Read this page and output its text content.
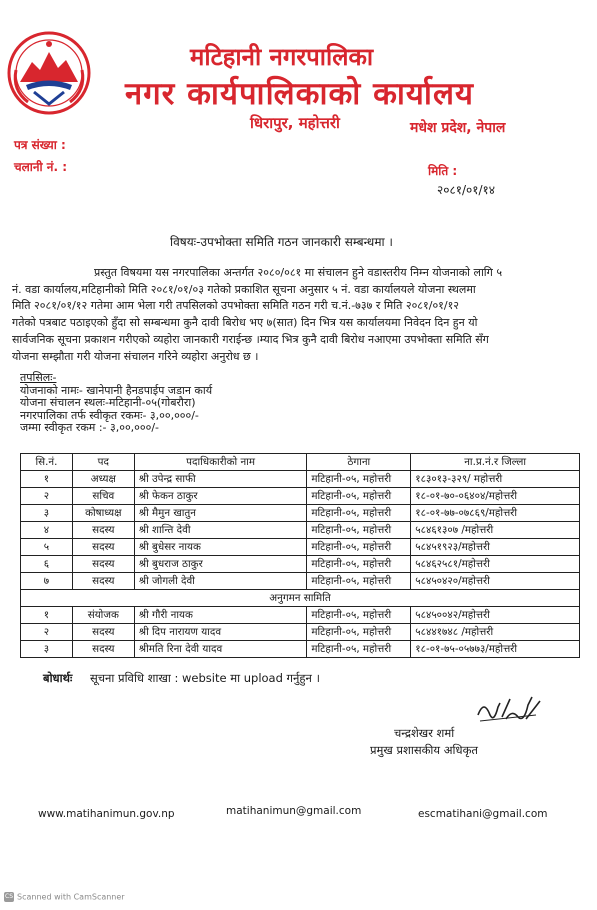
मटिहानी नगरपालिका
नगर कार्यपालिकाको कार्यालय
धिरापुर, महोत्तरी	मधेश प्रदेश, नेपाल
पत्र संख्या :
चलानी नं. :	मिति :
२०८१/०१/१४
विषयः-उपभोक्ता समिति गठन जानकारी सम्बन्धमा ।
प्रस्तुत विषयमा यस नगरपालिका अन्तर्गत २०८०/०८१ मा संचालन हुने वडास्तरीय निम्न योजनाको लागि ५
नं. वडा कार्यालय,मटिहानीको मिति २०८१/०१/०३ गतेको प्रकाशित सूचना अनुसार ५ नं. वडा कार्यालयले योजना स्थलमा
मिति २०८१/०१/१२ गतेमा आम भेला गरी तपसिलको उपभोक्ता समिति गठन गरी च.नं.-७३७ र मिति २०८१/०१/१२
गतेको पत्रबाट पठाइएको हुँदा सो सम्बन्धमा कुनै दावी बिरोध भए ७(सात) दिन भित्र यस कार्यालयमा निवेदन दिन हुन यो
सार्वजनिक सूचना प्रकाशन गरीएको व्यहोरा जानकारी गराईन्छ ।म्याद भित्र कुनै दावी बिरोध नआएमा उपभोक्ता समिति सँग
योजना सम्झौता गरी योजना संचालन गरिने व्यहोरा अनुरोध छ ।
तपसिलः-
योजनाको नामः- खानेपानी हैनडपाईप जडान कार्य
योजना संचालन स्थलः-मटिहानी-०५(गोबरौरा)
नगरपालिका तर्फ स्वीकृत रकमः- ३,००,०००/-
जम्मा स्वीकृत रकम :- ३,००,०००/-
सि.नं.	पद	पदाधिकारीको नाम	ठेगाना	ना.प्र.नं.र जिल्ला
१	अध्यक्ष	श्री उपेन्द्र साफी	मटिहानी-०५, महोत्तरी	१८३०१३-३२९/ महोत्तरी
२	सचिव	श्री फेकन ठाकुर	मटिहानी-०५, महोत्तरी	१८-०१-७०-०६४०४/महोत्तरी
३	कोषाध्यक्ष	श्री मैमुन खातुन	मटिहानी-०५, महोत्तरी	१८-०१-७७-०७८६९/महोत्तरी
४	सदस्य	श्री शान्ति देवी	मटिहानी-०५, महोत्तरी	५८४६१३०७ /महोत्तरी
५	सदस्य	श्री बुधेसर नायक	मटिहानी-०५, महोत्तरी	५८४५१९२३/महोत्तरी
६	सदस्य	श्री बुधराज ठाकुर	मटिहानी-०५, महोत्तरी	५८४६२५८१/महोत्तरी
७	सदस्य	श्री जोगली देवी	मटिहानी-०५, महोत्तरी	५८४५०४२०/महोत्तरी
अनुगमन सामिति				
१	संयोजक	श्री गौरी नायक	मटिहानी-०५, महोत्तरी	५८४५००४२/महोत्तरी
२	सदस्य	श्री दिप नारायण यादव	मटिहानी-०५, महोत्तरी	५८४४१७४८ /महोत्तरी
३	सदस्य	श्रीमति रिना देवी यादव	मटिहानी-०५, महोत्तरी	१८-०१-७५-०५७७३/महोत्तरी
बोधार्थः सूचना प्रविधि शाखा : website मा upload गर्नुहुन ।
चन्द्रशेखर शर्मा
प्रमुख प्रशासकीय अधिकृत
www.matihanimun.gov.np	matihanimun@gmail.com	escmatihani@gmail.com
CS Scanned with CamScanner
